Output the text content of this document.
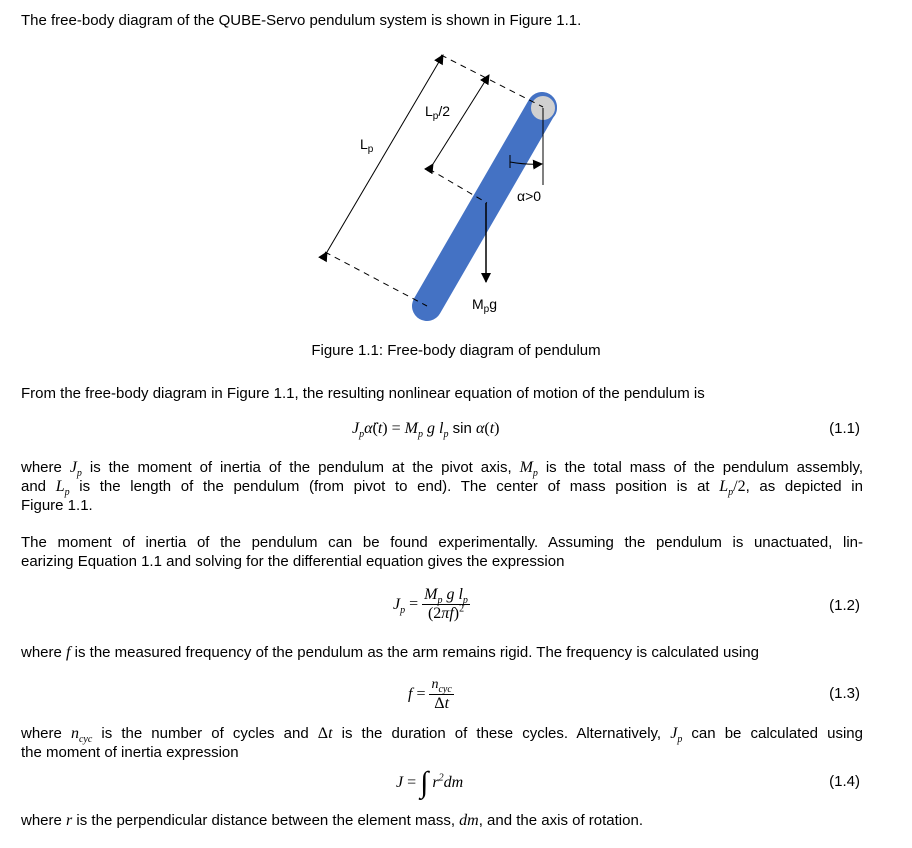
The free-body diagram of the QUBE-Servo pendulum system is shown in Figure 1.1.
$L_p$
$L_p/2$
α>0
$M_pg$
Figure 1.1: Free-body diagram of pendulum
From the free-body diagram in Figure 1.1, the resulting nonlinear equation of motion of the pendulum is
$J_p\alphä(t) = M_p$ g $l_p$ sin α(t)	(1.1)
where $J_p$ is the moment of inertia of the pendulum at the pivot axis, $M_p$ is the total mass of the pendulum assembly,
and $L_p$ is the length of the pendulum (from pivot to end). The center of mass position is at $L_p/2$, as depicted in
Figure 1.1.
The moment of inertia of the pendulum can be found experimentally. Assuming the pendulum is unactuated, lin-
earizing Equation 1.1 and solving for the differential equation gives the expression
$J_p = \frac{M_p g l_p}{(2\pi f)^2}$	(1.2)
where f is the measured frequency of the pendulum as the arm remains rigid. The frequency is calculated using
$f = \frac{n_{cyc}}{\Delta t}$	(1.3)
where $n_{cyc}$ is the number of cycles and Δt is the duration of these cycles. Alternatively, $J_p$ can be calculated using
the moment of inertia expression
J = ∫ $r^2dm$	(1.4)
where r is the perpendicular distance between the element mass, dm, and the axis of rotation.
